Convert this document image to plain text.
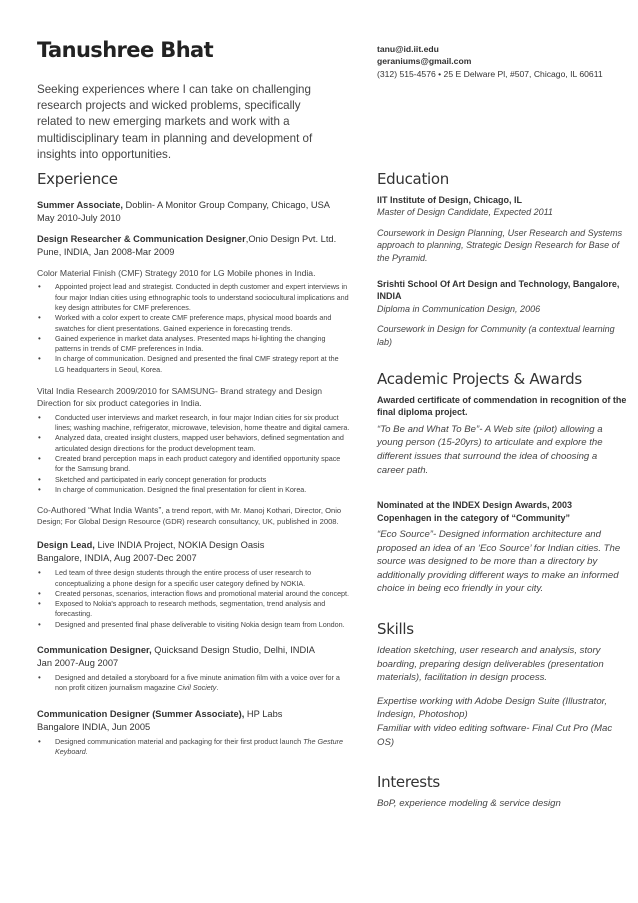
Tanushree Bhat

Seeking experiences where I can take on challenging research projects and wicked problems, specifically related to new emerging markets and work with a multidisciplinary team in planning and development of insights into opportunities.

tanu@id.iit.edu
geraniums@gmail.com
(312) 515-4576 • 25 E Delware Pl, #507, Chicago, IL 60611
Experience

Summer Associate, Doblin- A Monitor Group Company, Chicago, USA
May 2010-July 2010

Design Researcher & Communication Designer,Onio Design Pvt. Ltd.
Pune, INDIA, Jan 2008-Mar 2009

Color Material Finish (CMF) Strategy 2010 for LG Mobile phones in India.

• Appointed project lead and strategist. Conducted in depth customer and expert interviews in four major Indian cities using ethnographic tools to understand sociocultural implications and key design attributes for CMF preferences.
• Worked with a color expert to create CMF preference maps, physical mood boards and swatches for client presentations. Gained experience in forecasting trends.
• Gained experience in market data analyses. Presented maps hi-lighting the changing patterns in trends of CMF preferences in India.
• In charge of communication. Designed and presented the final CMF strategy report at the LG headquarters in Seoul, Korea.

Vital India Research 2009/2010 for SAMSUNG- Brand strategy and Design Direction for six product categories in India.

• Conducted user interviews and market research, in four major Indian cities for six product lines; washing machine, refrigerator, microwave, television, home theatre and digital camera.
• Analyzed data, created insight clusters, mapped user behaviors, defined segmentation and articulated design directions for the product development team.
• Created brand perception maps in each product category and identified opportunity space for the Samsung brand.
• Sketched and participated in early concept generation for products
• In charge of communication. Designed the final presentation for client in Korea.

Co-Authored “What India Wants”, a trend report, with Mr. Manoj Kothari, Director, Onio Design; For Global Design Resource (GDR) research consultancy, UK, published in 2008.

Design Lead, Live INDIA Project, NOKIA Design Oasis
Bangalore, INDIA, Aug 2007-Dec 2007

• Led team of three design students through the entire process of user research to conceptualizing a phone design for a specific user category defined by NOKIA.
• Created personas, scenarios, interaction flows and promotional material around the concept.
• Exposed to Nokia's approach to research methods, segmentation, trend analysis and forecasting.
• Designed and presented final phase deliverable to visiting Nokia design team from London.

Communication Designer, Quicksand Design Studio, Delhi, INDIA
Jan 2007-Aug 2007

• Designed and detailed a storyboard for a five minute animation film with a voice over for a non profit citizen journalism magazine Civil Society.

Communication Designer (Summer Associate), HP Labs
Bangalore INDIA, Jun 2005

• Designed communication material and packaging for their first product launch The Gesture Keyboard.
Education

IIT Institute of Design, Chicago, IL

Master of Design Candidate, Expected 2011

Coursework in Design Planning, User Research and Systems approach to planning, Strategic Design Research for Base of the Pyramid.

Srishti School Of Art Design and Technology, Bangalore, INDIA

Diploma in Communication Design, 2006

Coursework in Design for Community (a contextual learning lab)

Academic Projects & Awards

Awarded certificate of commendation in recognition of the final diploma project.

“To Be and What To Be”- A Web site (pilot) allowing a young person (15-20yrs) to articulate and explore the different issues that surround the idea of choosing a career path.

Nominated at the INDEX Design Awards, 2003 Copenhagen in the category of “Community”

“Eco Source”- Designed information architecture and proposed an idea of an ‘Eco Source’ for Indian cities. The source was designed to be more than a directory by additionally providing different ways to make an informed choice in being eco friendly in your city.

Skills

Ideation sketching, user research and analysis, story boarding, preparing design deliverables (presentation materials), facilitation in design process.

Expertise working with Adobe Design Suite (Illustrator, Indesign, Photoshop)

Familiar with video editing software- Final Cut Pro (Mac OS)

Interests

BoP, experience modeling & service design
